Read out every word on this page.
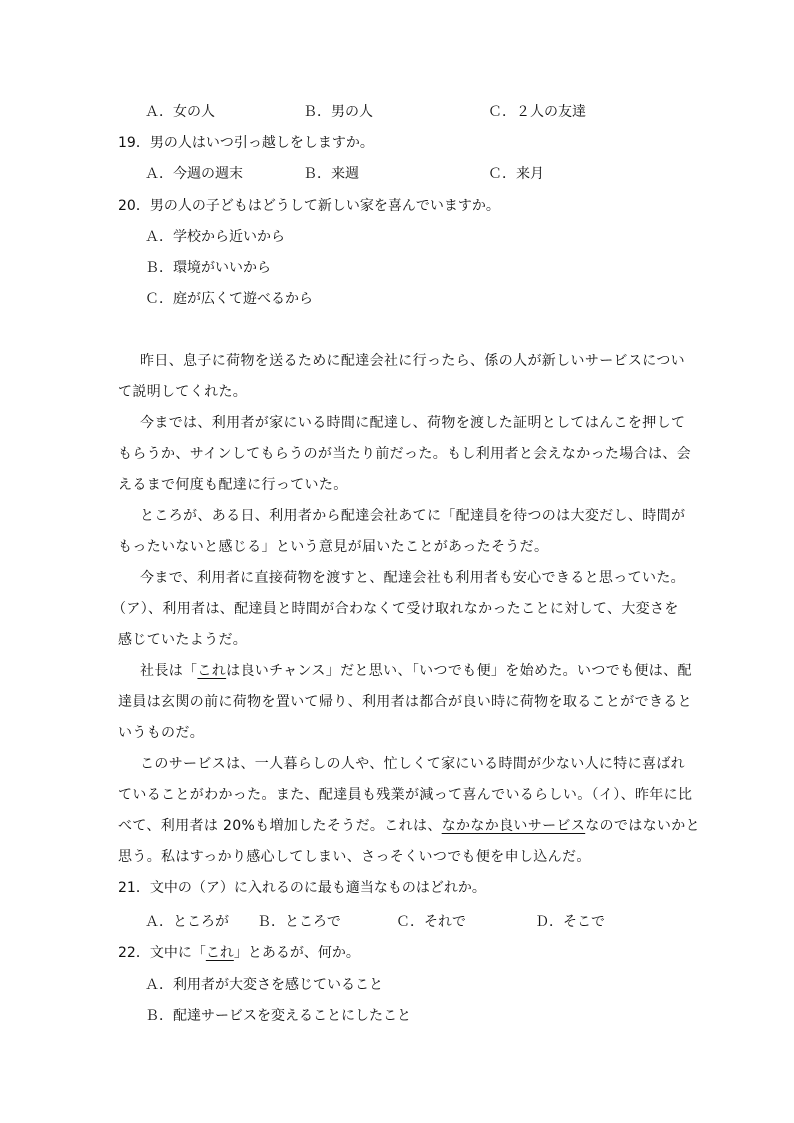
Ａ．女の人	Ｂ．男の人	Ｃ．２人の友達
19．男の人はいつ引っ越しをしますか。
Ａ．今週の週末	Ｂ．来週	Ｃ．来月
20．男の人の子どもはどうして新しい家を喜んでいますか。
Ａ．学校から近いから
Ｂ．環境がいいから
Ｃ．庭が広くて遊べるから
昨日、息子に荷物を送るために配達会社に行ったら、係の人が新しいサービスについ
て説明してくれた。
今までは、利用者が家にいる時間に配達し、荷物を渡した証明としてはんこを押して
もらうか、サインしてもらうのが当たり前だった。もし利用者と会えなかった場合は、会
えるまで何度も配達に行っていた。
ところが、ある日、利用者から配達会社あてに「配達員を待つのは大変だし、時間が
もったいないと感じる」という意見が届いたことがあったそうだ。
今まで、利用者に直接荷物を渡すと、配達会社も利用者も安心できると思っていた。
（ア）、利用者は、配達員と時間が合わなくて受け取れなかったことに対して、大変さを
感じていたようだ。
社長は「これは良いチャンス」だと思い、「いつでも便」を始めた。いつでも便は、配
達員は玄関の前に荷物を置いて帰り、利用者は都合が良い時に荷物を取ることができると
いうものだ。
このサービスは、一人暮らしの人や、忙しくて家にいる時間が少ない人に特に喜ばれ
ていることがわかった。また、配達員も残業が減って喜んでいるらしい。（イ）、昨年に比
べて、利用者は 20%も増加したそうだ。これは、なかなか良いサービスなのではないかと
思う。私はすっかり感心してしまい、さっそくいつでも便を申し込んだ。
21．文中の（ア）に入れるのに最も適当なものはどれか。
Ａ．ところが Ｂ．ところで	Ｃ．それで	Ｄ．そこで
22．文中に「これ」とあるが、何か。
Ａ．利用者が大変さを感じていること
Ｂ．配達サービスを変えることにしたこと
